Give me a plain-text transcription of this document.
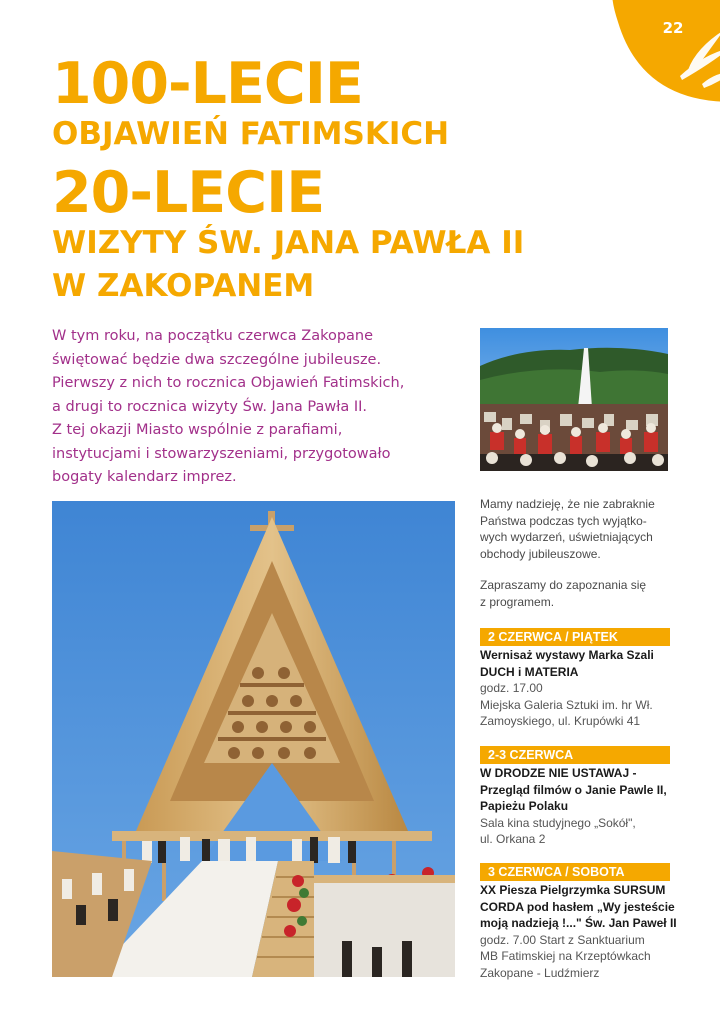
22
100-LECIE
OBJAWIEŃ FATIMSKICH
20-LECIE
WIZYTY ŚW. JANA PAWŁA II
W ZAKOPANEM

W tym roku, na początku czerwca Zakopane

świętować będzie dwa szczególne jubileusze.

Pierwszy z nich to rocznica Objawień Fatimskich,

a drugi to rocznica wizyty Św. Jana Pawła II.

Z tej okazji Miasto wspólnie z parafiami,

instytucjami i stowarzyszeniami, przygotowało

bogaty kalendarz imprez.

Mamy nadzieję, że nie zabraknie

Państwa podczas tych wyjątko-

wych wydarzeń, uświetniających

obchody jubileuszowe.

Zapraszamy do zapoznania się

z programem.

2 CZERWCA / PIĄTEK

Wernisaż wystawy Marka Szali

DUCH i MATERIA

godz. 17.00

Miejska Galeria Sztuki im. hr Wł.

Zamoyskiego, ul. Krupówki 41

2-3 CZERWCA

W DRODZE NIE USTAWAJ -

Przegląd filmów o Janie Pawle II,

Papieżu Polaku

Sala kina studyjnego „Sokół",

ul. Orkana 2

3 CZERWCA / SOBOTA

XX Piesza Pielgrzymka SURSUM

CORDA pod hasłem „Wy jesteście

moją nadzieją !..." Św. Jan Paweł II

godz. 7.00 Start z Sanktuarium

MB Fatimskiej na Krzeptówkach

Zakopane - Ludźmierz
